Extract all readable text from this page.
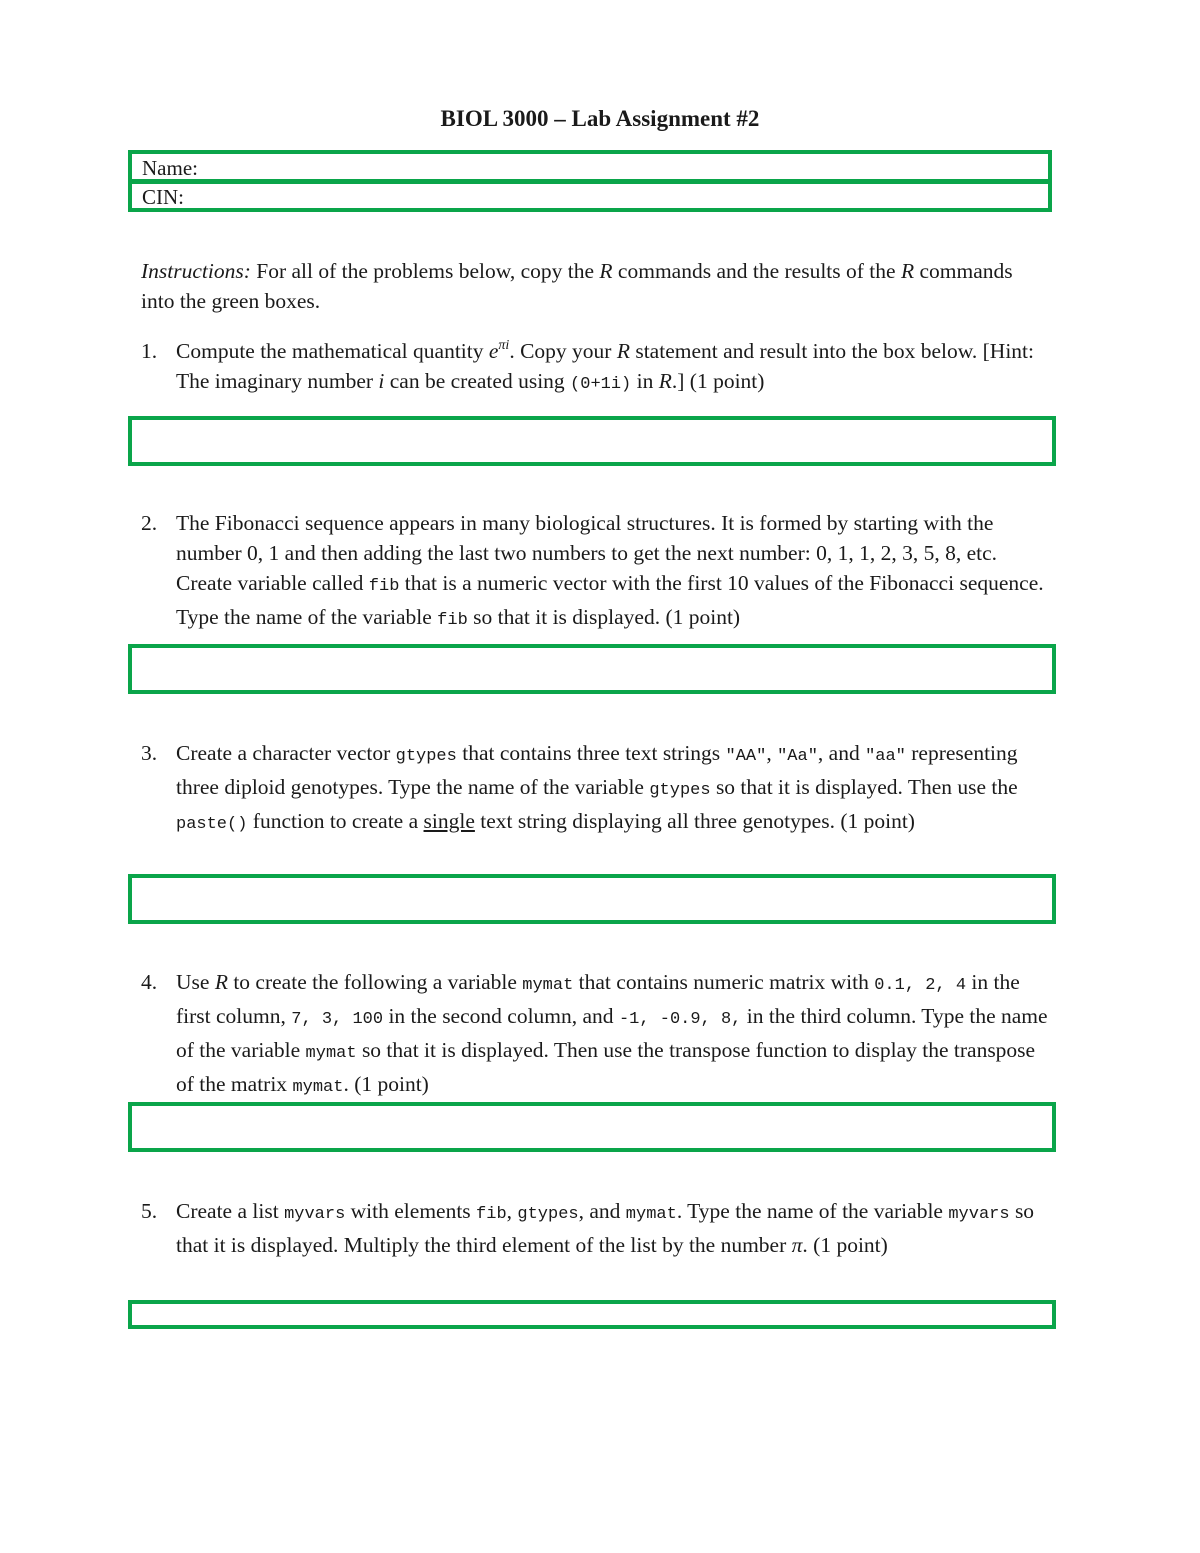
BIOL 3000 – Lab Assignment #2
Name:
CIN:
Instructions: For all of the problems below, copy the R commands and the results of the R commands into the green boxes.
1. Compute the mathematical quantity $e^{\pi i}$. Copy your R statement and result into the box below. [Hint: The imaginary number i can be created using (0+1i) in R.] (1 point)
2. The Fibonacci sequence appears in many biological structures. It is formed by starting with the number 0, 1 and then adding the last two numbers to get the next number: 0, 1, 1, 2, 3, 5, 8, etc. Create variable called fib that is a numeric vector with the first 10 values of the Fibonacci sequence. Type the name of the variable fib so that it is displayed. (1 point)
3. Create a character vector gtypes that contains three text strings "AA", "Aa", and "aa" representing three diploid genotypes. Type the name of the variable gtypes so that it is displayed. Then use the paste() function to create a single text string displaying all three genotypes. (1 point)
4. Use R to create the following a variable mymat that contains numeric matrix with 0.1, 2, 4 in the first column, 7, 3, 100 in the second column, and -1, -0.9, 8, in the third column. Type the name of the variable mymat so that it is displayed. Then use the transpose function to display the transpose of the matrix mymat. (1 point)
5. Create a list myvars with elements fib, gtypes, and mymat. Type the name of the variable myvars so that it is displayed. Multiply the third element of the list by the number π. (1 point)
